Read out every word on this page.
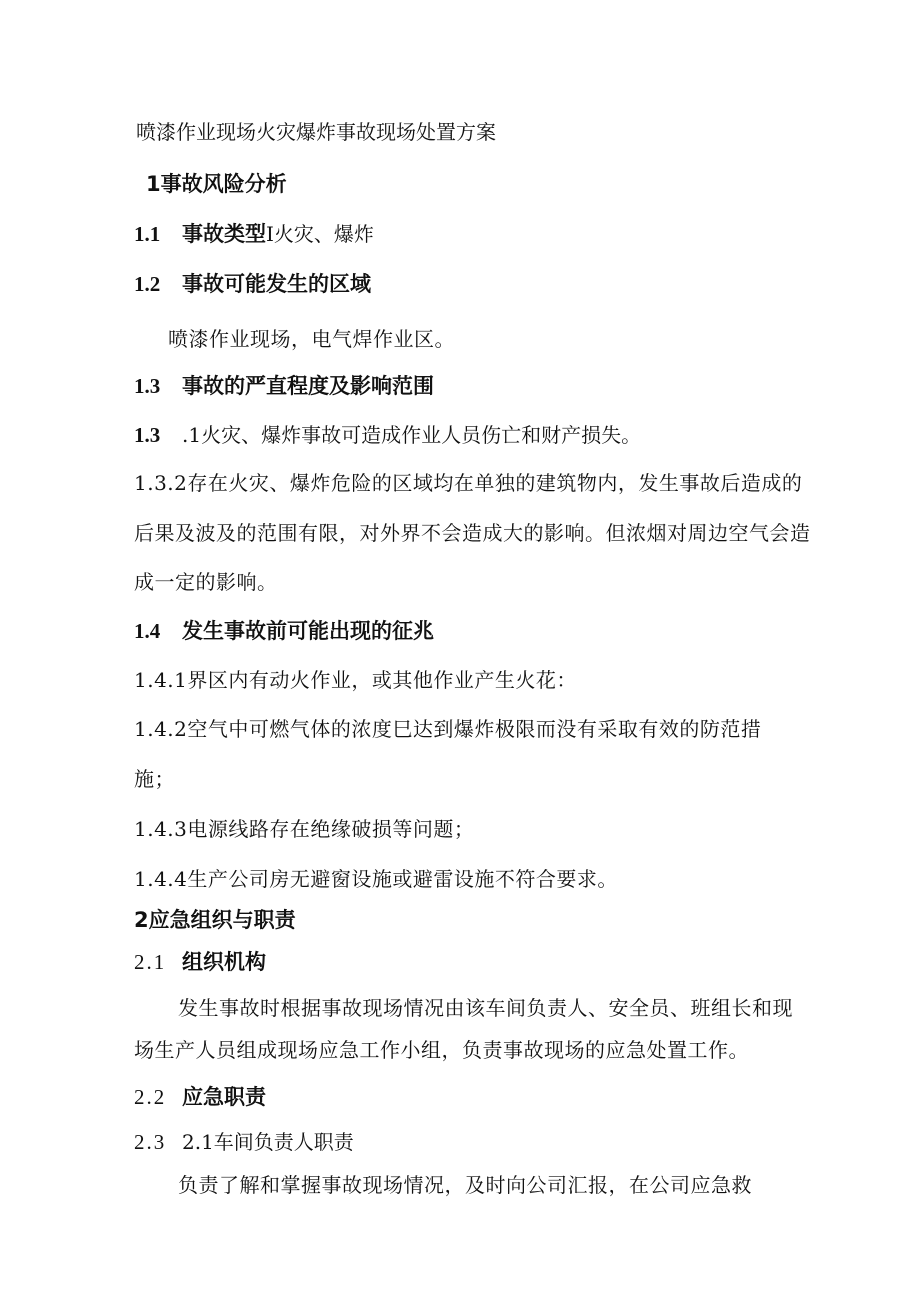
喷漆作业现场火灾爆炸事故现场处置方案

1事故风险分析

1.1 事故类型I火灾、爆炸

1.2 事故可能发生的区域

喷漆作业现场，电气焊作业区。

1.3 事故的严直程度及影响范围

1.3 .1火灾、爆炸事故可造成作业人员伤亡和财产损失。

1.3.2存在火灾、爆炸危险的区域均在单独的建筑物内，发生事故后造成的

后果及波及的范围有限，对外界不会造成大的影响。但浓烟对周边空气会造

成一定的影响。

1.4 发生事故前可能出现的征兆

1.4.1界区内有动火作业，或其他作业产生火花：

1.4.2空气中可燃气体的浓度巳达到爆炸极限而没有采取有效的防范措

施；

1.4.3电源线路存在绝缘破损等问题；

1.4.4生产公司房无避窗设施或避雷设施不符合要求。

2应急组织与职责

2.1 组织机构

发生事故时根据事故现场情况由该车间负责人、安全员、班组长和现

场生产人员组成现场应急工作小组，负责事故现场的应急处置工作。

2.2 应急职责

2.3 2.1车间负责人职责

负责了解和掌握事故现场情况，及时向公司汇报，在公司应急救
